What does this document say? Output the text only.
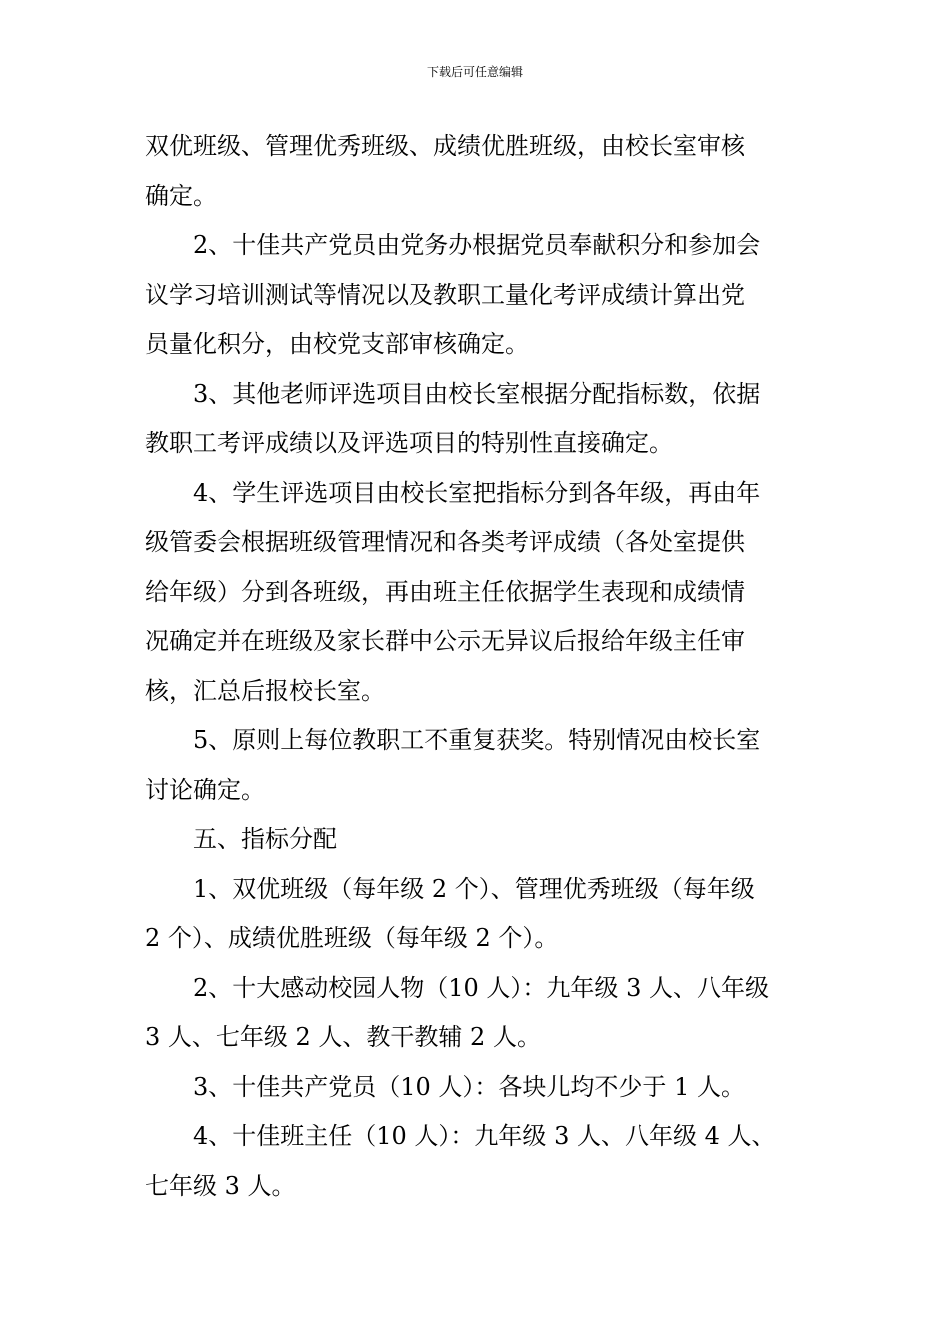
下载后可任意编辑
双优班级、管理优秀班级、成绩优胜班级，由校长室审核
确定。
2、十佳共产党员由党务办根据党员奉献积分和参加会
议学习培训测试等情况以及教职工量化考评成绩计算出党
员量化积分，由校党支部审核确定。
3、其他老师评选项目由校长室根据分配指标数，依据
教职工考评成绩以及评选项目的特别性直接确定。
4、学生评选项目由校长室把指标分到各年级，再由年
级管委会根据班级管理情况和各类考评成绩（各处室提供
给年级）分到各班级，再由班主任依据学生表现和成绩情
况确定并在班级及家长群中公示无异议后报给年级主任审
核，汇总后报校长室。
5、原则上每位教职工不重复获奖。特别情况由校长室
讨论确定。
五、指标分配
1、双优班级（每年级 2 个）、管理优秀班级（每年级
2 个）、成绩优胜班级（每年级 2 个）。
2、十大感动校园人物（10 人）：九年级 3 人、八年级
3 人、七年级 2 人、教干教辅 2 人。
3、十佳共产党员（10 人）：各块儿均不少于 1 人。
4、十佳班主任（10 人）：九年级 3 人、八年级 4 人、
七年级 3 人。
